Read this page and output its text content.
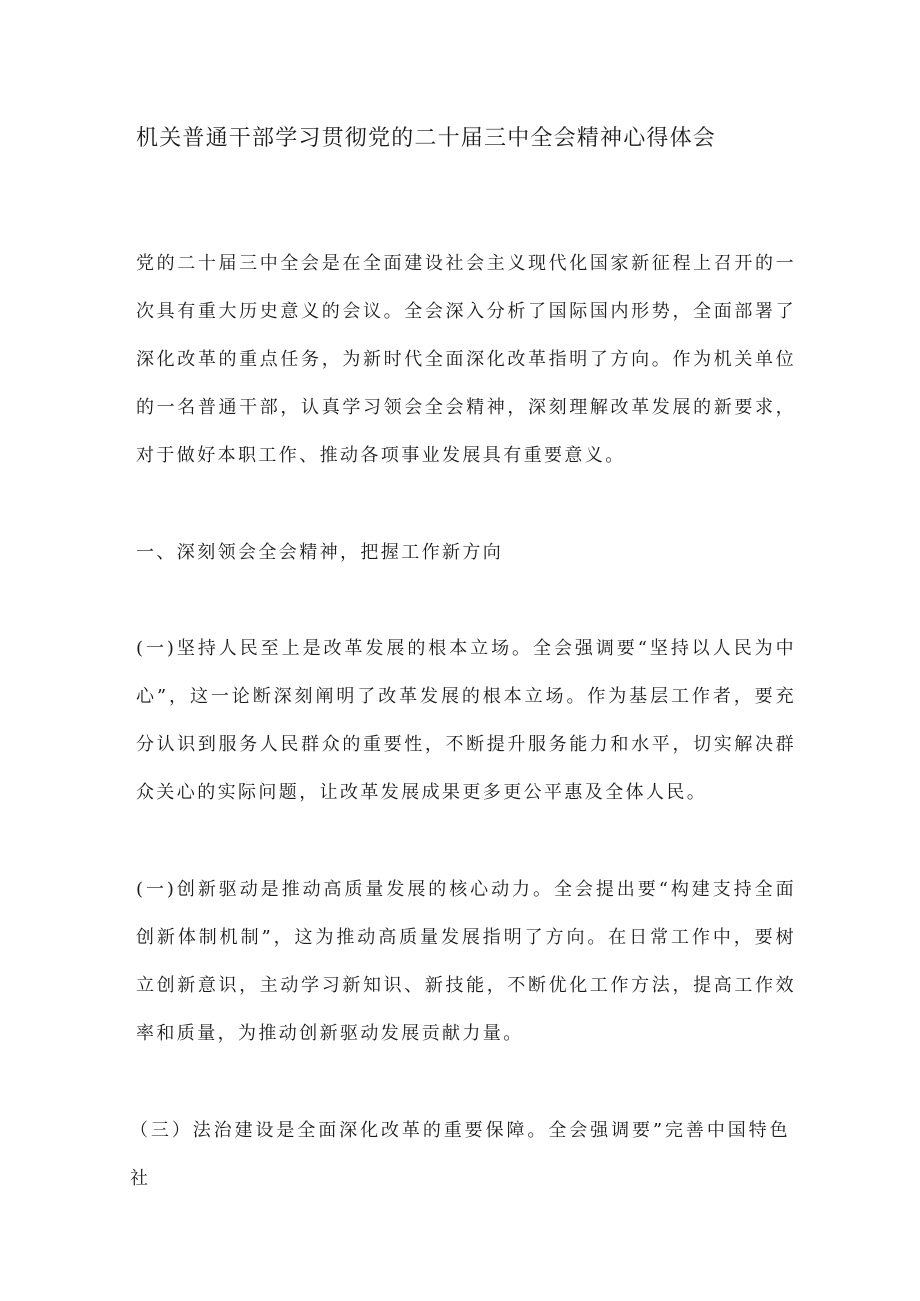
机关普通干部学习贯彻党的二十届三中全会精神心得体会

党的二十届三中全会是在全面建设社会主义现代化国家新征程上召开的一次具有重大历史意义的会议。全会深入分析了国际国内形势，全面部署了深化改革的重点任务，为新时代全面深化改革指明了方向。作为机关单位的一名普通干部，认真学习领会全会精神，深刻理解改革发展的新要求，对于做好本职工作、推动各项事业发展具有重要意义。

一、深刻领会全会精神，把握工作新方向

(一)坚持人民至上是改革发展的根本立场。全会强调要“坚持以人民为中心”，这一论断深刻阐明了改革发展的根本立场。作为基层工作者，要充分认识到服务人民群众的重要性，不断提升服务能力和水平，切实解决群众关心的实际问题，让改革发展成果更多更公平惠及全体人民。

(一)创新驱动是推动高质量发展的核心动力。全会提出要“构建支持全面创新体制机制”，这为推动高质量发展指明了方向。在日常工作中，要树立创新意识，主动学习新知识、新技能，不断优化工作方法，提高工作效率和质量，为推动创新驱动发展贡献力量。

（三）法治建设是全面深化改革的重要保障。全会强调要”完善中国特色社
